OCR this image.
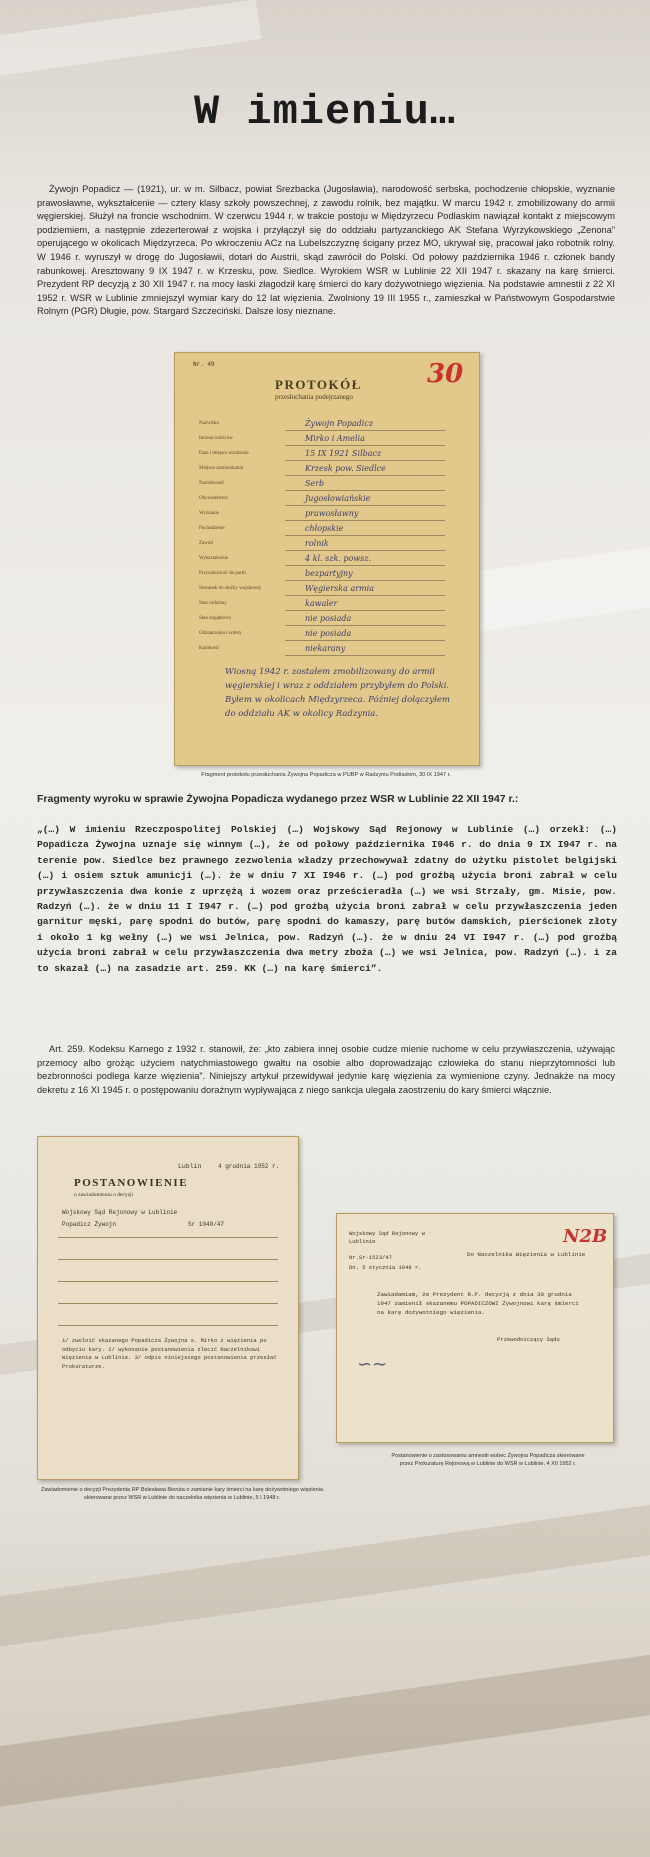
W imieniu…

Żywojn Popadicz — (1921), ur. w m. Silbacz, powiat Srezbacka (Jugosławia), narodowość serbska, pochodzenie chłopskie, wyznanie prawosławne, wykształcenie — cztery klasy szkoły powszechnej, z zawodu rolnik, bez majątku. W marcu 1942 r. zmobilizowany do armii węgierskiej. Służył na froncie wschodnim. W czerwcu 1944 r. w trakcie postoju w Międzyrzecu Podlaskim nawiązał kontakt z miejscowym podziemiem, a następnie zdezerterował z wojska i przyłączył się do oddziału partyzanckiego AK Stefana Wyrzykowskiego „Zenona” operującego w okolicach Międzyrzeca. Po wkroczeniu ACz na Lubelszczyznę ścigany przez MO, ukrywał się, pracował jako robotnik rolny. W 1946 r. wyruszył w drogę do Jugosławii, dotarł do Austrii, skąd zawrócił do Polski. Od połowy października 1946 r. członek bandy rabunkowej. Aresztowany 9 IX 1947 r. w Krzesku, pow. Siedlce. Wyrokiem WSR w Lublinie 22 XII 1947 r. skazany na karę śmierci. Prezydent RP decyzją z 30 XII 1947 r. na mocy łaski złagodził karę śmierci do kary dożywotniego więzienia. Na podstawie amnestii z 22 XI 1952 r. WSR w Lublinie zmniejszył wymiar kary do 12 lat więzienia. Zwolniony 19 III 1955 r., zamieszkał w Państwowym Gospodarstwie Rolnym (PGR) Długie, pow. Stargard Szczeciński. Dalsze losy nieznane.

Nr. 49	30
PROTOKÓŁ
przesłuchania podejrzanego
Nazwisko	Żywojn Popadicz
Imiona rodziców	Mirko i Amelia
Data i miejsce urodzenia	15 IX 1921 Silbacz
Miejsce zamieszkania	Krzesk pow. Siedlce
Narodowość	Serb
Obywatelstwo	Jugosłowiańskie
Wyznanie	prawosławny
Pochodzenie	chłopskie
Zawód	rolnik
Wykształcenie	4 kl. szk. powsz.
Przynależność do partii	bezpartyjny
Stosunek do służby wojskowej	Węgierska armia
Stan rodzinny	kawaler
Stan majątkowy	nie posiada
Odznaczenia i ordery	nie posiada
Karalność	niekarany
Wiosną 1942 r. zostałem zmobilizowany do armii węgierskiej i wraz z oddziałem przybyłem do Polski. Byłem w okolicach Międzyrzeca. Później dołączyłem do oddziału AK w okolicy Radzynia.
Fragment protokołu przesłuchania Żywojna Popadicza w PUBP w Radzyniu Podlaskim, 30 IX 1947 r.
Fragmenty wyroku w sprawie Żywojna Popadicza wydanego przez WSR w Lublinie 22 XII 1947 r.:
„(…) W imieniu Rzeczpospolitej Polskiej (…) Wojskowy Sąd Rejonowy w Lublinie (…) orzekł: (…) Popadicza Żywojna uznaje się winnym (…), że od połowy października I946 r. do dnia 9 IX I947 r. na terenie pow. Siedlce bez prawnego zezwolenia władzy przechowywał zdatny do użytku pistolet belgijski (…) i osiem sztuk amunicji (…). że w dniu 7 XI I946 r. (…) pod groźbą użycia broni zabrał w celu przywłaszczenia dwa konie z uprzężą i wozem oraz prześcieradła (…) we wsi Strzały, gm. Misie, pow. Radzyń (…). że w dniu 11 I I947 r. (…) pod groźbą użycia broni zabrał w celu przywłaszczenia jeden garnitur męski, parę spodni do butów, parę spodni do kamaszy, parę butów damskich, pierścionek złoty i około 1 kg wełny (…) we wsi Jelnica, pow. Radzyń (…). że w dniu 24 VI I947 r. (…) pod groźbą użycia broni zabrał w celu przywłaszczenia dwa metry zboża (…) we wsi Jelnica, pow. Radzyń (…). i za to skazał (…) na zasadzie art. 259. KK (…) na karę śmierci”.

Art. 259. Kodeksu Karnego z 1932 r. stanowił, że: „kto zabiera innej osobie cudze mienie ruchome w celu przywłaszczenia, używając przemocy albo grożąc użyciem natychmiastowego gwałtu na osobie albo doprowadzając człowieka do stanu nieprzytomności lub bezbronności podlega karze więzienia”. Niniejszy artykuł przewidywał jedynie karę więzienia za wymienione czyny. Jednakże na mocy dekretu z 16 XI 1945 r. o postępowaniu doraźnym wypływająca z niego sankcja ulegała zaostrzeniu do kary śmierci włącznie.

Lublin	4 grudnia 1952 r.
POSTANOWIENIE
o zawiadomieniu o decyzji
Wojskowy Sąd Rejonowy w Lublinie
Popadicz Żywojn	Sr 1040/47
1/ zwolnić skazanego Popadicza Żywojna s. Mirko z więzienia po odbyciu kary. 2/ wykonanie postanowienia zlecić Naczelnikowi Więzienia w Lublinie. 3/ odpis niniejszego postanowienia przesłać Prokuraturze.
Zawiadomienie o decyzji Prezydenta RP Bolesława Bieruta o zamianie kary śmierci na karę dożywotniego więzienia skierowane przez WSR w Lublinie do naczelnika więzienia w Lublinie, 5 I 1948 r.
N2B
Wojskowy Sąd Rejonowy w Lublinie
Nr.Sr-1523/47
Dn. 5 stycznia 1948 r.
Do Naczelnika Więzienia w Lublinie
Zawiadamiam, że Prezydent R.P. decyzją z dnia 30 grudnia 1947 zamienił skazanemu POPADICZOWI Żywojnowi karę śmierci na karę dożywotniego więzienia.
Przewodniczący Sądu
∽∼
Postanowienie o zastosowaniu amnestii wobec Żywojna Popadicza skierowane przez Prokuraturę Rejonową w Lublinie do WSR w Lublinie, 4 XII 1952 r.
